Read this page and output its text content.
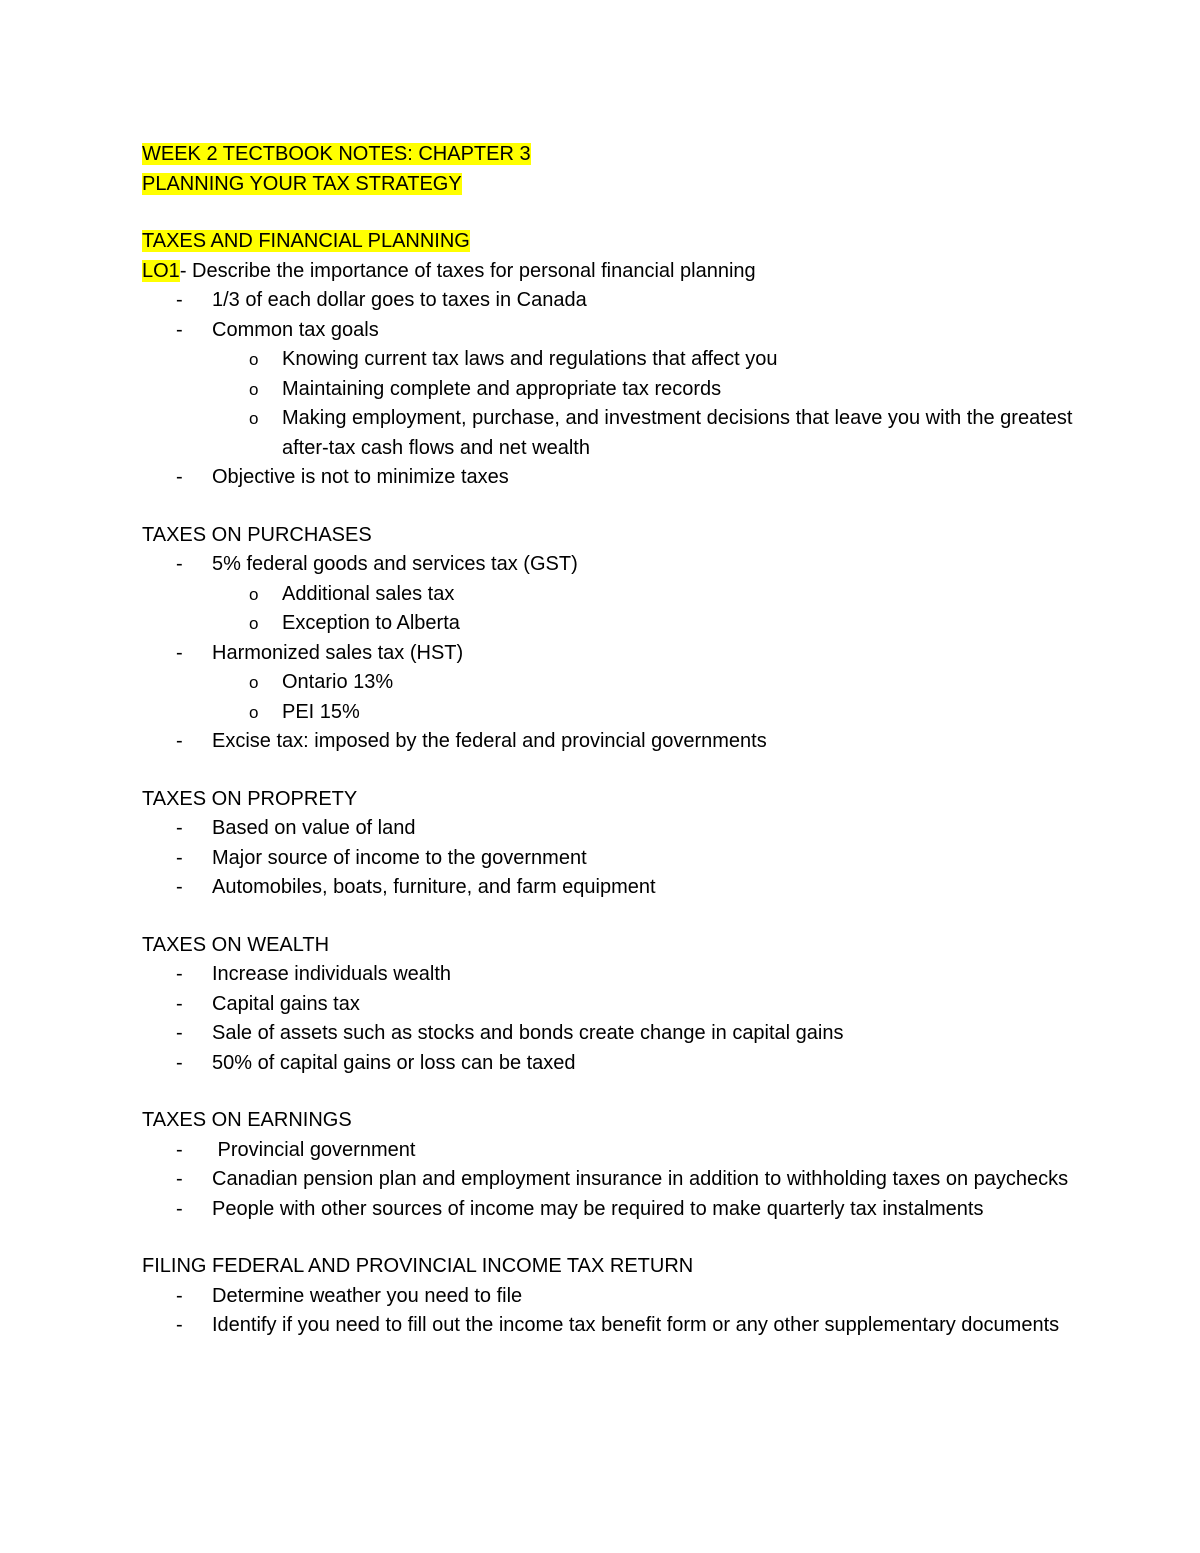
WEEK 2 TECTBOOK NOTES: CHAPTER 3
PLANNING YOUR TAX STRATEGY
TAXES AND FINANCIAL PLANNING
LO1- Describe the importance of taxes for personal financial planning
- 1/3 of each dollar goes to taxes in Canada
- Common tax goals
o Knowing current tax laws and regulations that affect you
o Maintaining complete and appropriate tax records
o Making employment, purchase, and investment decisions that leave you with the greatest after-tax cash flows and net wealth
- Objective is not to minimize taxes
TAXES ON PURCHASES
- 5% federal goods and services tax (GST)
o Additional sales tax
o Exception to Alberta
- Harmonized sales tax (HST)
o Ontario 13%
o PEI 15%
- Excise tax: imposed by the federal and provincial governments
TAXES ON PROPRETY
- Based on value of land
- Major source of income to the government
- Automobiles, boats, furniture, and farm equipment
TAXES ON WEALTH
- Increase individuals wealth
- Capital gains tax
- Sale of assets such as stocks and bonds create change in capital gains
- 50% of capital gains or loss can be taxed
TAXES ON EARNINGS
- Provincial government
- Canadian pension plan and employment insurance in addition to withholding taxes on paychecks
- People with other sources of income may be required to make quarterly tax instalments
FILING FEDERAL AND PROVINCIAL INCOME TAX RETURN
- Determine weather you need to file
- Identify if you need to fill out the income tax benefit form or any other supplementary documents
